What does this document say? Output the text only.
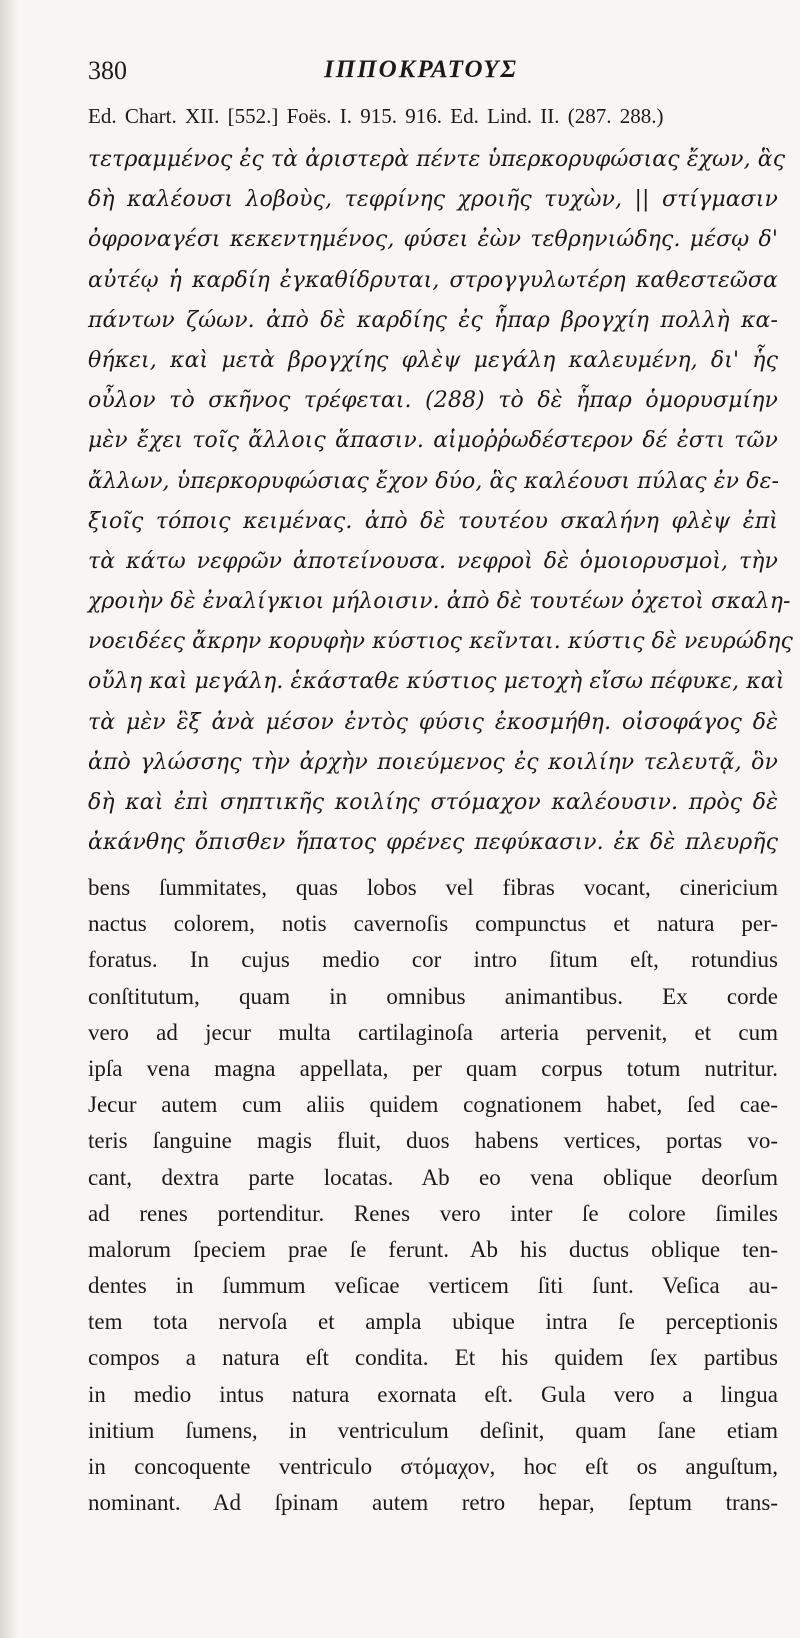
380	ΙΠΠΟΚΡΑΤΟΥΣ
Ed. Chart. XII. [552.] Foës. I. 915. 916. Ed. Lind. II. (287. 288.)
τετραμμένος ἐς τὰ ἀριστερὰ πέντε ὑπερκορυφώσιας ἔχων, ἃς
δὴ καλέουσι λοβοὺς, τεφρίνης χροιῆς τυχὼν, || στίγμασιν
ὀφροναγέσι κεκεντημένος, φύσει ἐὼν τεθρηνιώδης. μέσῳ δ'
αὐτέῳ ἡ καρδίη ἐγκαθίδρυται, στρογγυλωτέρη καθεστεῶσα
πάντων ζώων. ἀπὸ δὲ καρδίης ἐς ἧπαρ βρογχίη πολλὴ κα-
θήκει, καὶ μετὰ βρογχίης φλὲψ μεγάλη καλευμένη, δι' ἧς
οὖλον τὸ σκῆνος τρέφεται. (288) τὸ δὲ ἧπαρ ὁμορυσμίην
μὲν ἔχει τοῖς ἄλλοις ἅπασιν. αἱμοῤῥωδέστερον δέ ἐστι τῶν
ἄλλων, ὑπερκορυφώσιας ἔχον δύο, ἃς καλέουσι πύλας ἐν δε-
ξιοῖς τόποις κειμένας. ἀπὸ δὲ τουτέου σκαλήνη φλὲψ ἐπὶ
τὰ κάτω νεφρῶν ἀποτείνουσα. νεφροὶ δὲ ὁμοιορυσμοὶ, τὴν
χροιὴν δὲ ἐναλίγκιοι μήλοισιν. ἀπὸ δὲ τουτέων ὀχετοὶ σκαλη-
νοειδέες ἄκρην κορυφὴν κύστιος κεῖνται. κύστις δὲ νευρώδης
οὔλη καὶ μεγάλη. ἑκάσταθε κύστιος μετοχὴ εἴσω πέφυκε, καὶ
τὰ μὲν ἓξ ἀνὰ μέσον ἐντὸς φύσις ἐκοσμήθη. οἰσοφάγος δὲ
ἀπὸ γλώσσης τὴν ἀρχὴν ποιεύμενος ἐς κοιλίην τελευτᾷ, ὃν
δὴ καὶ ἐπὶ σηπτικῆς κοιλίης στόμαχον καλέουσιν. πρὸς δὲ
ἀκάνθης ὄπισθεν ἥπατος φρένες πεφύκασιν. ἐκ δὲ πλευρῆς
bens ſummitates, quas lobos vel fibras vocant, cinericium
nactus colorem, notis cavernoſis compunctus et natura per-
foratus. In cujus medio cor intro ſitum eſt, rotundius
conſtitutum, quam in omnibus animantibus. Ex corde
vero ad jecur multa cartilaginoſa arteria pervenit, et cum
ipſa vena magna appellata, per quam corpus totum nutritur.
Jecur autem cum aliis quidem cognationem habet, ſed cae-
teris ſanguine magis fluit, duos habens vertices, portas vo-
cant, dextra parte locatas. Ab eo vena oblique deorſum
ad renes portenditur. Renes vero inter ſe colore ſimiles
malorum ſpeciem prae ſe ferunt. Ab his ductus oblique ten-
dentes in ſummum veſicae verticem ſiti ſunt. Veſica au-
tem tota nervoſa et ampla ubique intra ſe perceptionis
compos a natura eſt condita. Et his quidem ſex partibus
in medio intus natura exornata eſt. Gula vero a lingua
initium ſumens, in ventriculum deſinit, quam ſane etiam
in concoquente ventriculo στόμαχον, hoc eſt os anguſtum,
nominant. Ad ſpinam autem retro hepar, ſeptum trans-
